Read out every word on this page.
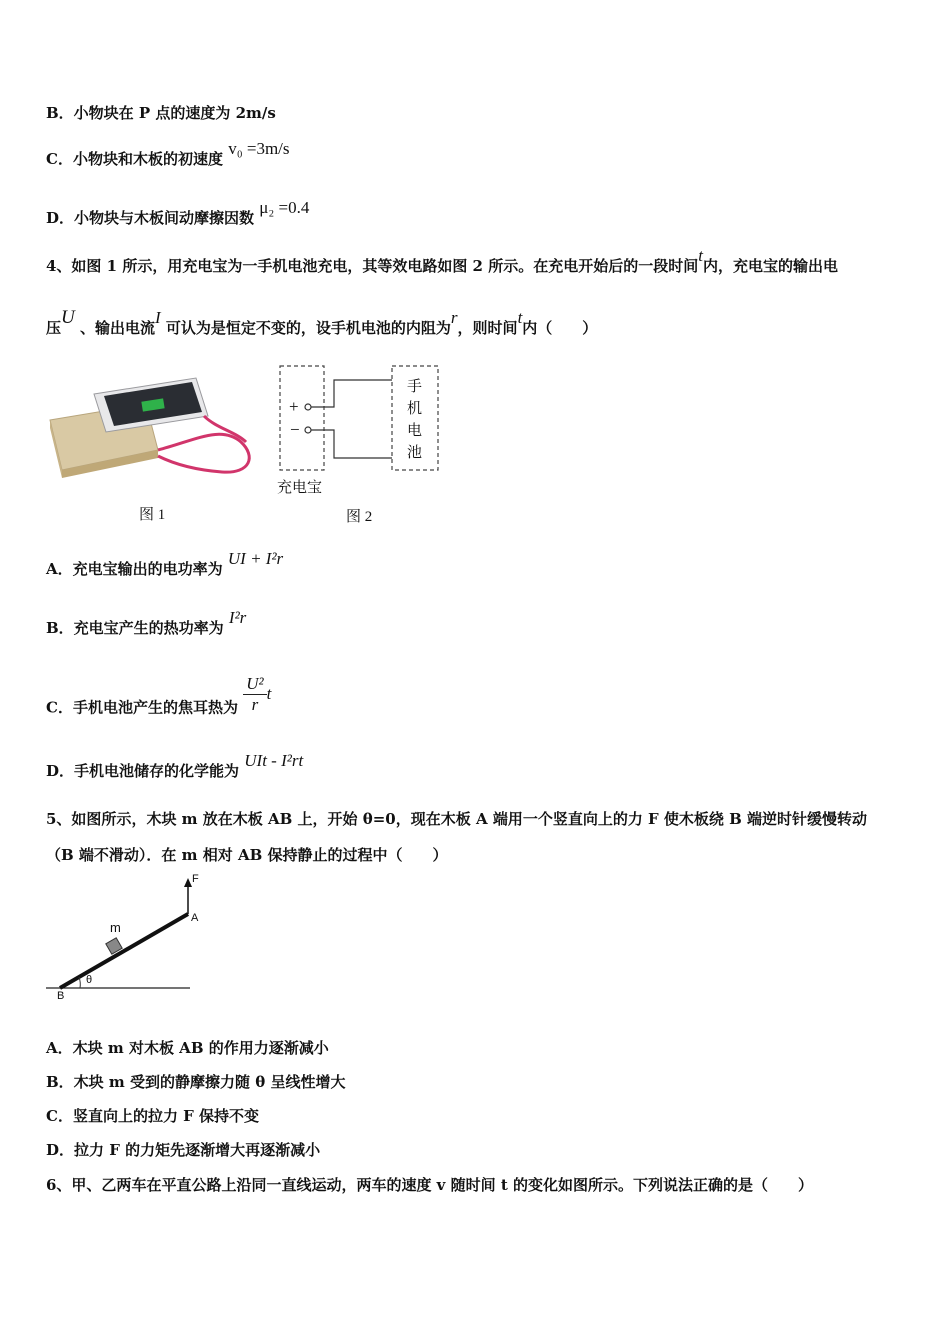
B．小物块在 P 点的速度为 2m/s
C．小物块和木板的初速度 v₀ =3m/s
D．小物块与木板间动摩擦因数 μ₂ =0.4
4、如图 1 所示，用充电宝为一手机电池充电，其等效电路如图 2 所示。在充电开始后的一段时间t内，充电宝的输出电
压U 、输出电流I 可认为是恒定不变的，设手机电池的内阻为r，则时间t内（　　）
图 1
+
−
手
机
电
池
充电宝
图 2
A．充电宝输出的电功率为 UI + I²r
B．充电宝产生的热功率为 I²r
C．手机电池产生的焦耳热为 $\frac{\text{U²}}{r}$ t
D．手机电池储存的化学能为 UIt - I²rt
5、如图所示，木块 m 放在木板 AB 上，开始 θ=0，现在木板 A 端用一个竖直向上的力 F 使木板绕 B 端逆时针缓慢转动
（B 端不滑动）．在 m 相对 AB 保持静止的过程中（　　）
F
A
m
B
θ
A．木块 m 对木板 AB 的作用力逐渐减小
B．木块 m 受到的静摩擦力随 θ 呈线性增大
C．竖直向上的拉力 F 保持不变
D．拉力 F 的力矩先逐渐增大再逐渐减小
6、甲、乙两车在平直公路上沿同一直线运动，两车的速度 v 随时间 t 的变化如图所示。下列说法正确的是（　　）
